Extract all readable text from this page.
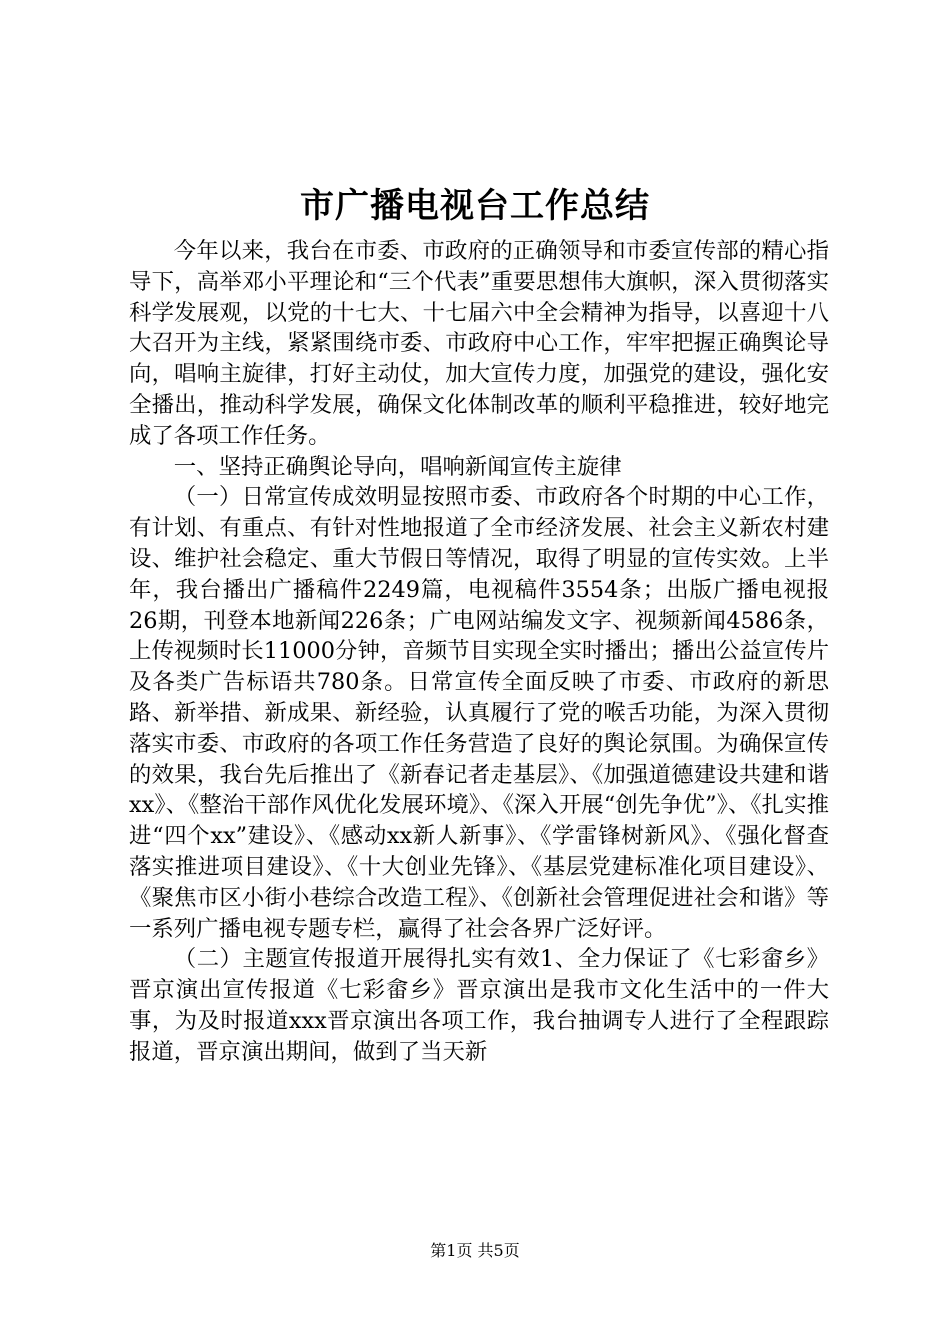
市广播电视台工作总结

今年以来，我台在市委、市政府的正确领导和市委宣传部的精心指导下，高举邓小平理论和“三个代表”重要思想伟大旗帜，深入贯彻落实科学发展观，以党的十七大、十七届六中全会精神为指导，以喜迎十八大召开为主线，紧紧围绕市委、市政府中心工作，牢牢把握正确舆论导向，唱响主旋律，打好主动仗，加大宣传力度，加强党的建设，强化安全播出，推动科学发展，确保文化体制改革的顺利平稳推进，较好地完成了各项工作任务。

一、坚持正确舆论导向，唱响新闻宣传主旋律

（一）日常宣传成效明显按照市委、市政府各个时期的中心工作，有计划、有重点、有针对性地报道了全市经济发展、社会主义新农村建设、维护社会稳定、重大节假日等情况，取得了明显的宣传实效。上半年，我台播出广播稿件2249篇，电视稿件3554条；出版广播电视报26期，刊登本地新闻226条；广电网站编发文字、视频新闻4586条，上传视频时长11000分钟，音频节目实现全实时播出；播出公益宣传片及各类广告标语共780条。日常宣传全面反映了市委、市政府的新思路、新举措、新成果、新经验，认真履行了党的喉舌功能，为深入贯彻落实市委、市政府的各项工作任务营造了良好的舆论氛围。为确保宣传的效果，我台先后推出了《新春记者走基层》、《加强道德建设共建和谐xx》、《整治干部作风优化发展环境》、《深入开展“创先争优”》、《扎实推进“四个xx”建设》、《感动xx新人新事》、《学雷锋树新风》、《强化督查落实推进项目建设》、《十大创业先锋》、《基层党建标准化项目建设》、《聚焦市区小街小巷综合改造工程》、《创新社会管理促进社会和谐》等一系列广播电视专题专栏，赢得了社会各界广泛好评。

（二）主题宣传报道开展得扎实有效1、全力保证了《七彩畲乡》晋京演出宣传报道《七彩畲乡》晋京演出是我市文化生活中的一件大事，为及时报道xxx晋京演出各项工作，我台抽调专人进行了全程跟踪报道，晋京演出期间，做到了当天新

第1页 共5页
